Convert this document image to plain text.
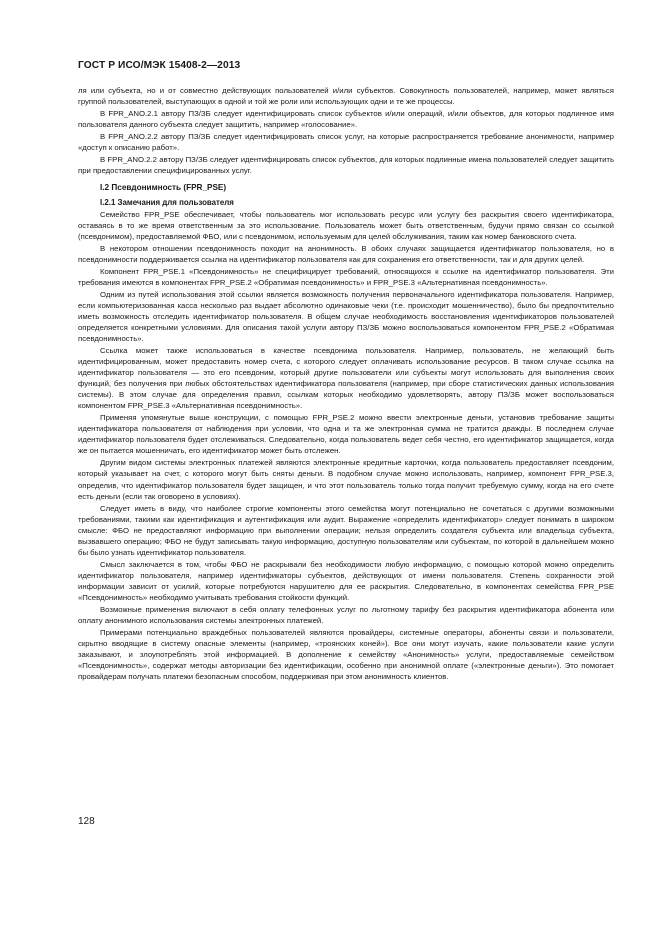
ГОСТ Р ИСО/МЭК 15408-2—2013

ля или субъекта, но и от совместно действующих пользователей и/или субъектов. Совокупность пользователей, например, может являться группой пользователей, выступающих в одной и той же роли или использующих одни и те же процессы.

В FPR_ANO.2.1 автору ПЗ/ЗБ следует идентифицировать список субъектов и/или операций, и/или объектов, для которых подлинное имя пользователя данного субъекта следует защитить, например «голосование».

В FPR_ANO.2.2 автору ПЗ/ЗБ следует идентифицировать список услуг, на которые распространяется требование анонимности, например «доступ к описанию работ».

В FPR_ANO.2.2 автору ПЗ/ЗБ следует идентифицировать список субъектов, для которых подлинные имена пользователей следует защитить при предоставлении специфицированных услуг.

I.2 Псевдонимность (FPR_PSE)
I.2.1 Замечания для пользователя

Семейство FPR_PSE обеспечивает, чтобы пользователь мог использовать ресурс или услугу без раскрытия своего идентификатора, оставаясь в то же время ответственным за это использование. Пользователь может быть ответственным, будучи прямо связан со ссылкой (псевдонимом), предоставляемой ФБО, или с псевдонимом, используемым для целей обслуживания, таким как номер банковского счета.

В некотором отношении псевдонимность походит на анонимность. В обоих случаях защищается идентификатор пользователя, но в псевдонимности поддерживается ссылка на идентификатор пользователя как для сохранения его ответственности, так и для других целей.

Компонент FPR_PSE.1 «Псевдонимность» не специфицирует требований, относящихся к ссылке на идентификатор пользователя. Эти требования имеются в компонентах FPR_PSE.2 «Обратимая псевдонимность» и FPR_PSE.3 «Альтернативная псевдонимность».

Одним из путей использования этой ссылки является возможность получения первоначального идентификатора пользователя. Например, если компьютеризованная касса несколько раз выдает абсолютно одинаковые чеки (т.е. происходит мошенничество), было бы предпочтительно иметь возможность отследить идентификатор пользователя. В общем случае необходимость восстановления идентификаторов пользователей определяется конкретными условиями. Для описания такой услуги автору ПЗ/ЗБ можно воспользоваться компонентом FPR_PSE.2 «Обратимая псевдонимность».

Ссылка может также использоваться в качестве псевдонима пользователя. Например, пользователь, не желающий быть идентифицированным, может предоставить номер счета, с которого следует оплачивать использование ресурсов. В таком случае ссылка на идентификатор пользователя — это его псевдоним, который другие пользователи или субъекты могут использовать для выполнения своих функций, без получения при любых обстоятельствах идентификатора пользователя (например, при сборе статистических данных использования системы). В этом случае для определения правил, ссылкам которых необходимо удовлетворять, автору ПЗ/ЗБ может воспользоваться компонентом FPR_PSE.3 «Альтернативная псевдонимность».

Применяя упомянутые выше конструкции, с помощью FPR_PSE.2 можно ввести электронные деньги, установив требование защиты идентификатора пользователя от наблюдения при условии, что одна и та же электронная сумма не тратится дважды. В последнем случае идентификатор пользователя будет отслеживаться. Следовательно, когда пользователь ведет себя честно, его идентификатор защищается, когда же он пытается мошенничать, его идентификатор может быть отслежен.

Другим видом системы электронных платежей являются электронные кредитные карточки, когда пользователь предоставляет псевдоним, который указывает на счет, с которого могут быть сняты деньги. В подобном случае можно использовать, например, компонент FPR_PSE.3, определив, что идентификатор пользователя будет защищен, и что этот пользователь только тогда получит требуемую сумму, когда на его счете есть деньги (если так оговорено в условиях).

Следует иметь в виду, что наиболее строгие компоненты этого семейства могут потенциально не сочетаться с другими возможными требованиями, такими как идентификация и аутентификация или аудит. Выражение «определить идентификатор» следует понимать в широком смысле: ФБО не предоставляют информацию при выполнении операции; нельзя определить создателя субъекта или владельца субъекта, вызвавшего операцию; ФБО не будут записывать такую информацию, доступную пользователям или субъектам, по которой в дальнейшем можно бы было узнать идентификатор пользователя.

Смысл заключается в том, чтобы ФБО не раскрывали без необходимости любую информацию, с помощью которой можно определить идентификатор пользователя, например идентификаторы субъектов, действующих от имени пользователя. Степень сохранности этой информации зависит от усилий, которые потребуются нарушителю для ее раскрытия. Следовательно, в компонентах семейства FPR_PSE «Псевдонимность» необходимо учитывать требования стойкости функций.

Возможные применения включают в себя оплату телефонных услуг по льготному тарифу без раскрытия идентификатора абонента или оплату анонимного использования системы электронных платежей.

Примерами потенциально враждебных пользователей являются провайдеры, системные операторы, абоненты связи и пользователи, скрытно вводящие в систему опасные элементы (например, «троянских коней»). Все они могут изучать, какие пользователи какие услуги заказывают, и злоупотреблять этой информацией. В дополнение к семейству «Анонимность» услуги, предоставляемые семейством «Псевдонимность», содержат методы авторизации без идентификации, особенно при анонимной оплате («электронные деньги»). Это помогает провайдерам получать платежи безопасным способом, поддерживая при этом анонимность клиентов.

128
